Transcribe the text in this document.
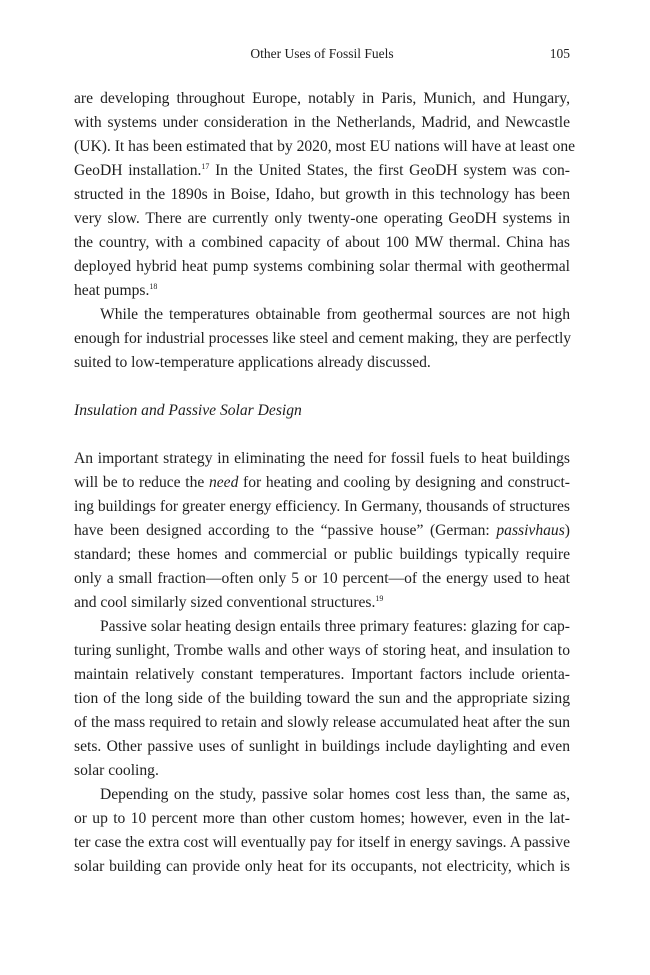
Other Uses of Fossil Fuels	105
are developing throughout Europe, notably in Paris, Munich, and Hungary,
with systems under consideration in the Netherlands, Madrid, and Newcastle
(UK). It has been estimated that by 2020, most EU nations will have at least one
GeoDH installation.$^{17}$ In the United States, the first GeoDH system was con-
structed in the 1890s in Boise, Idaho, but growth in this technology has been
very slow. There are currently only twenty-one operating GeoDH systems in
the country, with a combined capacity of about 100 MW thermal. China has
deployed hybrid heat pump systems combining solar thermal with geothermal
heat pumps.$^{18}$
While the temperatures obtainable from geothermal sources are not high
enough for industrial processes like steel and cement making, they are perfectly
suited to low-temperature applications already discussed.
Insulation and Passive Solar Design
An important strategy in eliminating the need for fossil fuels to heat buildings
will be to reduce the need for heating and cooling by designing and construct-
ing buildings for greater energy efficiency. In Germany, thousands of structures
have been designed according to the “passive house” (German: passivhaus)
standard; these homes and commercial or public buildings typically require
only a small fraction—often only 5 or 10 percent—of the energy used to heat
and cool similarly sized conventional structures.$^{19}$
Passive solar heating design entails three primary features: glazing for cap-
turing sunlight, Trombe walls and other ways of storing heat, and insulation to
maintain relatively constant temperatures. Important factors include orienta-
tion of the long side of the building toward the sun and the appropriate sizing
of the mass required to retain and slowly release accumulated heat after the sun
sets. Other passive uses of sunlight in buildings include daylighting and even
solar cooling.
Depending on the study, passive solar homes cost less than, the same as,
or up to 10 percent more than other custom homes; however, even in the lat-
ter case the extra cost will eventually pay for itself in energy savings. A passive
solar building can provide only heat for its occupants, not electricity, which is
